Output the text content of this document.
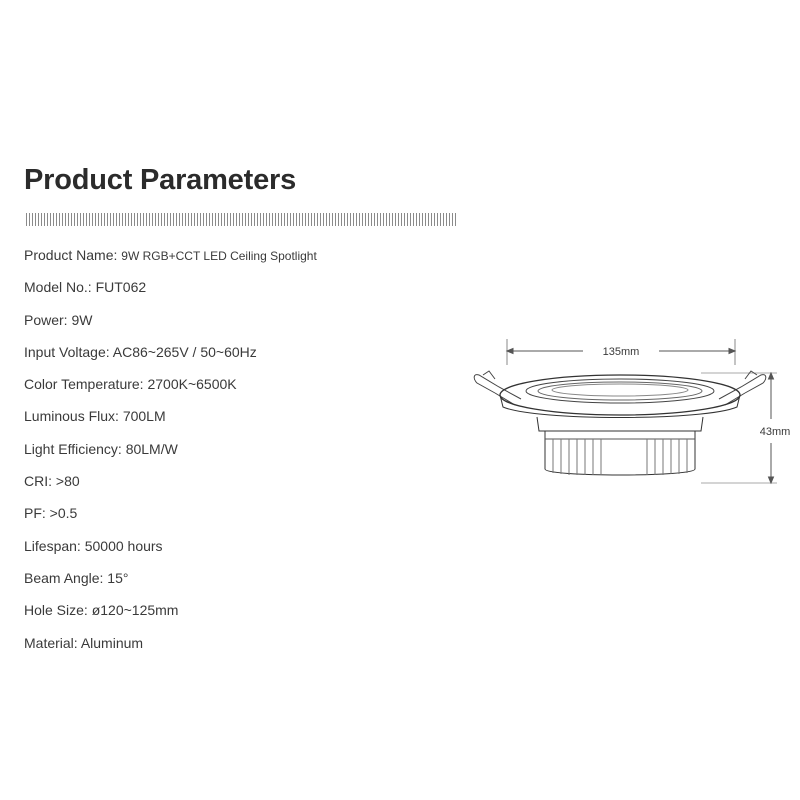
Product Parameters
Product Name: 9W RGB+CCT LED Ceiling Spotlight
Model No.: FUT062
Power: 9W
Input Voltage: AC86~265V / 50~60Hz
Color Temperature: 2700K~6500K
Luminous Flux: 700LM
Light Efficiency: 80LM/W
CRI: >80
PF: >0.5
Lifespan: 50000 hours
Beam Angle: 15°
Hole Size: ø120~125mm
Material: Aluminum
135mm
43mm
